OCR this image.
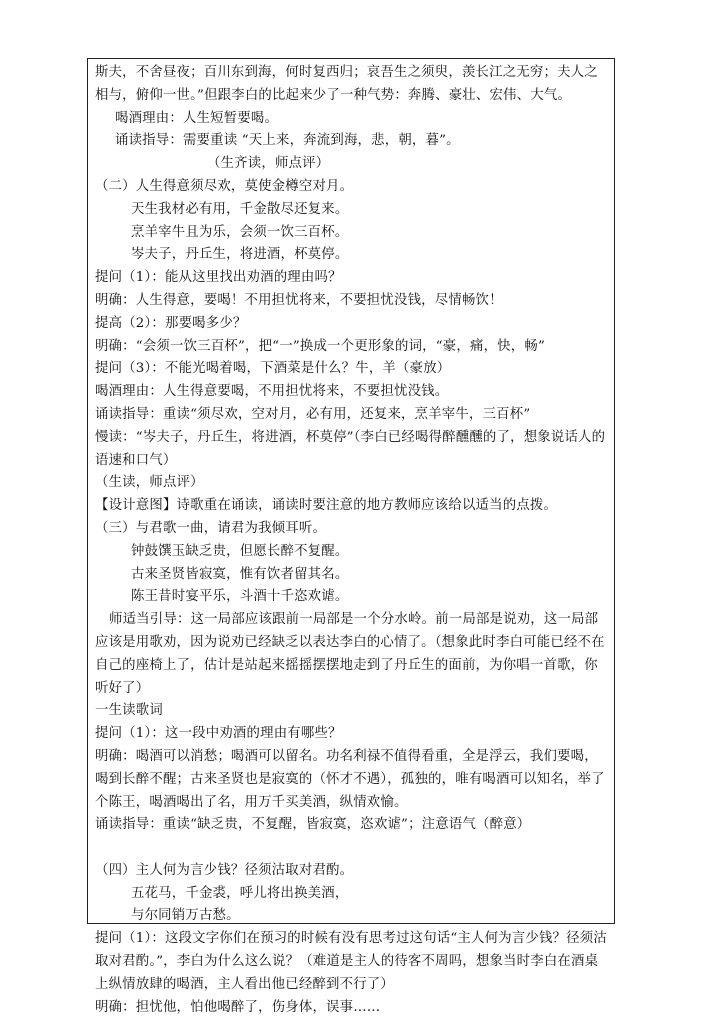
斯夫，不舍昼夜；百川东到海，何时复西归；哀吾生之须臾，羡长江之无穷；夫人之相与，俯仰一世。”但跟李白的比起来少了一种气势：奔腾、豪壮、宏伟、大气。

喝酒理由：人生短暂要喝。

诵读指导：需要重读 “天上来，奔流到海，悲，朝，暮”。

（生齐读，师点评）

（二）人生得意须尽欢，莫使金樽空对月。

天生我材必有用，千金散尽还复来。

烹羊宰牛且为乐，会须一饮三百杯。

岑夫子，丹丘生，将进酒，杯莫停。

提问（1）：能从这里找出劝酒的理由吗？

明确：人生得意，要喝！不用担忧将来，不要担忧没钱，尽情畅饮！

提高（2）：那要喝多少？

明确：“会须一饮三百杯”，把“一”换成一个更形象的词，“豪，痛，快，畅”

提问（3）：不能光喝着喝，下酒菜是什么？牛，羊（豪放）

喝酒理由：人生得意要喝，不用担忧将来，不要担忧没钱。

诵读指导：重读“须尽欢，空对月，必有用，还复来，烹羊宰牛，三百杯”

慢读：“岑夫子，丹丘生，将进酒，杯莫停”（李白已经喝得醉醺醺的了，想象说话人的语速和口气）

（生读，师点评）

【设计意图】诗歌重在诵读，诵读时要注意的地方教师应该给以适当的点拨。

（三）与君歌一曲，请君为我倾耳听。

钟鼓馔玉缺乏贵，但愿长醉不复醒。

古来圣贤皆寂寞，惟有饮者留其名。

陈王昔时宴平乐，斗酒十千恣欢谑。

师适当引导：这一局部应该跟前一局部是一个分水岭。前一局部是说劝，这一局部应该是用歌劝，因为说劝已经缺乏以表达李白的心情了。（想象此时李白可能已经不在自己的座椅上了，估计是站起来摇摇摆摆地走到了丹丘生的面前，为你唱一首歌，你听好了）

一生读歌词

提问（1）：这一段中劝酒的理由有哪些？

明确：喝酒可以消愁；喝酒可以留名。功名利禄不值得看重，全是浮云，我们要喝，喝到长醉不醒；古来圣贤也是寂寞的（怀才不遇），孤独的，唯有喝酒可以知名，举了个陈王，喝酒喝出了名，用万千买美酒，纵情欢愉。

诵读指导：重读“缺乏贵，不复醒，皆寂寞，恣欢谑”；注意语气（醉意）

（四）主人何为言少钱？径须沽取对君酌。

五花马，千金裘，呼儿将出换美酒，

与尔同销万古愁。

提问（1）：这段文字你们在预习的时候有没有思考过这句话“主人何为言少钱？径须沽取对君酌。”，李白为什么这么说？（难道是主人的待客不周吗，想象当时李白在酒桌上纵情放肆的喝酒，主人看出他已经醉到不行了）

明确：担忧他，怕他喝醉了，伤身体，误事……
